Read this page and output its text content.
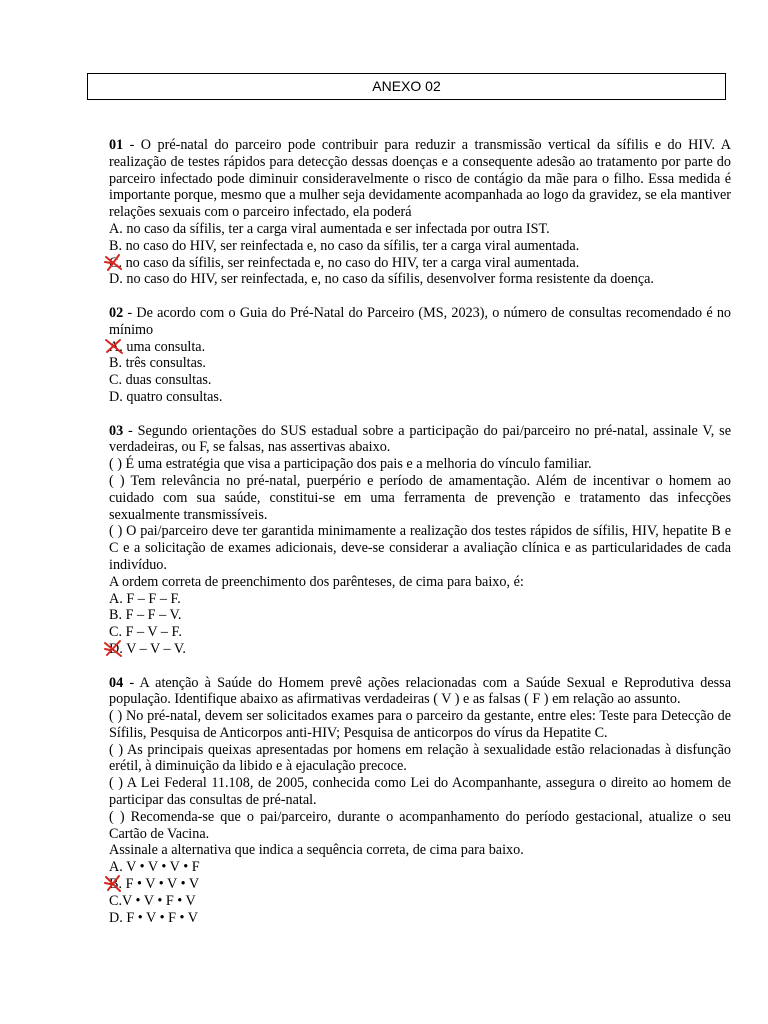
ANEXO 02
01 - O pré-natal do parceiro pode contribuir para reduzir a transmissão vertical da sífilis e do HIV. A realização de testes rápidos para detecção dessas doenças e a consequente adesão ao tratamento por parte do parceiro infectado pode diminuir consideravelmente o risco de contágio da mãe para o filho. Essa medida é importante porque, mesmo que a mulher seja devidamente acompanhada ao logo da gravidez, se ela mantiver relações sexuais com o parceiro infectado, ela poderá
A. no caso da sífilis, ter a carga viral aumentada e ser infectada por outra IST.
B. no caso do HIV, ser reinfectada e, no caso da sífilis, ter a carga viral aumentada.
C. no caso da sífilis, ser reinfectada e, no caso do HIV, ter a carga viral aumentada.
D. no caso do HIV, ser reinfectada, e, no caso da sífilis, desenvolver forma resistente da doença.
02 - De acordo com o Guia do Pré-Natal do Parceiro (MS, 2023), o número de consultas recomendado é no mínimo
A. uma consulta.
B. três consultas.
C. duas consultas.
D. quatro consultas.
03 - Segundo orientações do SUS estadual sobre a participação do pai/parceiro no pré-natal, assinale V, se verdadeiras, ou F, se falsas, nas assertivas abaixo.
( ) É uma estratégia que visa a participação dos pais e a melhoria do vínculo familiar.
( ) Tem relevância no pré-natal, puerpério e período de amamentação. Além de incentivar o homem ao cuidado com sua saúde, constitui-se em uma ferramenta de prevenção e tratamento das infecções sexualmente transmissíveis.
( ) O pai/parceiro deve ter garantida minimamente a realização dos testes rápidos de sífilis, HIV, hepatite B e C e a solicitação de exames adicionais, deve-se considerar a avaliação clínica e as particularidades de cada indivíduo.
A ordem correta de preenchimento dos parênteses, de cima para baixo, é:
A. F – F – F.
B. F – F – V.
C. F – V – F.
D. V – V – V.
04 - A atenção à Saúde do Homem prevê ações relacionadas com a Saúde Sexual e Reprodutiva dessa população. Identifique abaixo as afirmativas verdadeiras ( V ) e as falsas ( F ) em relação ao assunto.
( ) No pré-natal, devem ser solicitados exames para o parceiro da gestante, entre eles: Teste para Detecção de Sífilis, Pesquisa de Anticorpos anti-HIV; Pesquisa de anticorpos do vírus da Hepatite C.
( ) As principais queixas apresentadas por homens em relação à sexualidade estão relacionadas à disfunção erétil, à diminuição da libido e à ejaculação precoce.
( ) A Lei Federal 11.108, de 2005, conhecida como Lei do Acompanhante, assegura o direito ao homem de participar das consultas de pré-natal.
( ) Recomenda-se que o pai/parceiro, durante o acompanhamento do período gestacional, atualize o seu Cartão de Vacina.
Assinale a alternativa que indica a sequência correta, de cima para baixo.
A. V • V • V • F
B. F • V • V • V
C.V • V • F • V
D. F • V • F • V
